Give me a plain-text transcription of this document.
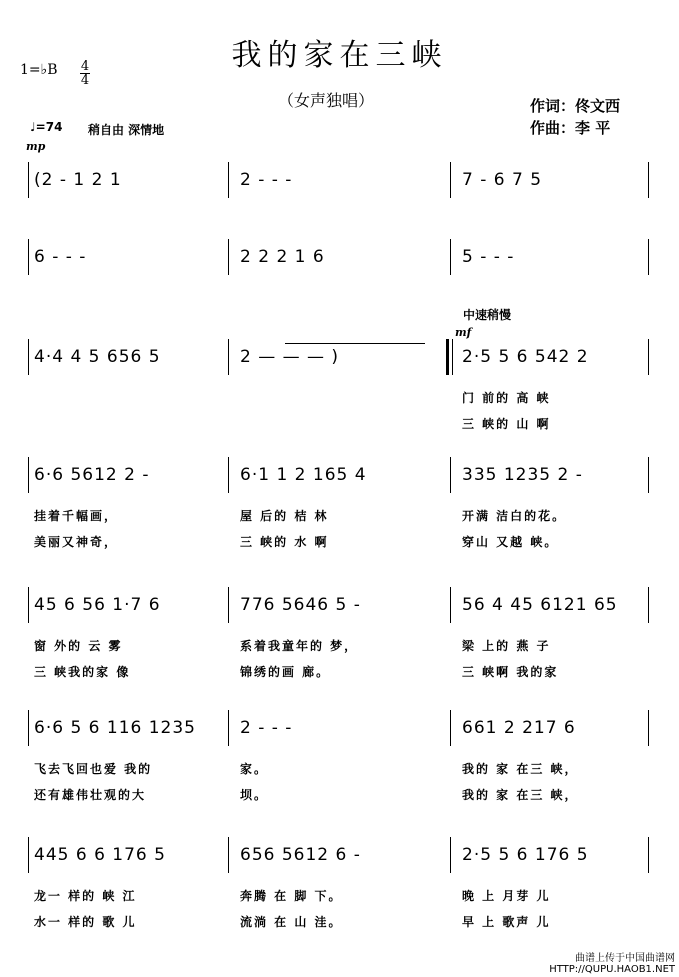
我的家在三峡
（女声独唱）	作词：佟文西
作曲：李 平
1=♭B 4
4
♩=74 稍自由 深情地
mp
中速稍慢
mf
(2 - 1 2 1	2 - - -	7 - 6 7 5
6 - - -	2 2 2 1 6	5 - - -
4·4 4 5 656 5	2 — — — )	2·5 5 6 542 2
门 前的 高 峡
三 峡的 山 啊
6·6 5612 2 -
挂着千幅画，
美丽又神奇，
6·1 1 2 165 4
屋 后的 桔 林
三 峡的 水 啊
335 1235 2 -
开满 洁白的花。
穿山 又越 峡。
45 6 56 1·7 6
窗 外的 云 雾
三 峡我的家 像
776 5646 5 -
系着我童年的 梦，
锦绣的画 廊。
56 4 45 6121 65
梁 上的 燕 子
三 峡啊 我的家
6·6 5 6 116 1235
飞去飞回也爱 我的
还有雄伟壮观的大
2 - - -
家。
坝。
661 2 217 6
我的 家 在三 峡，
我的 家 在三 峡，
445 6 6 176 5
龙一 样的 峡 江
水一 样的 歌 儿
656 5612 6 -
奔腾 在 脚 下。
流淌 在 山 洼。
2·5 5 6 176 5
晚 上 月芽 儿
早 上 歌声 儿
曲谱上传于中国曲谱网
HTTP://QUPU.HAOB1.NET
